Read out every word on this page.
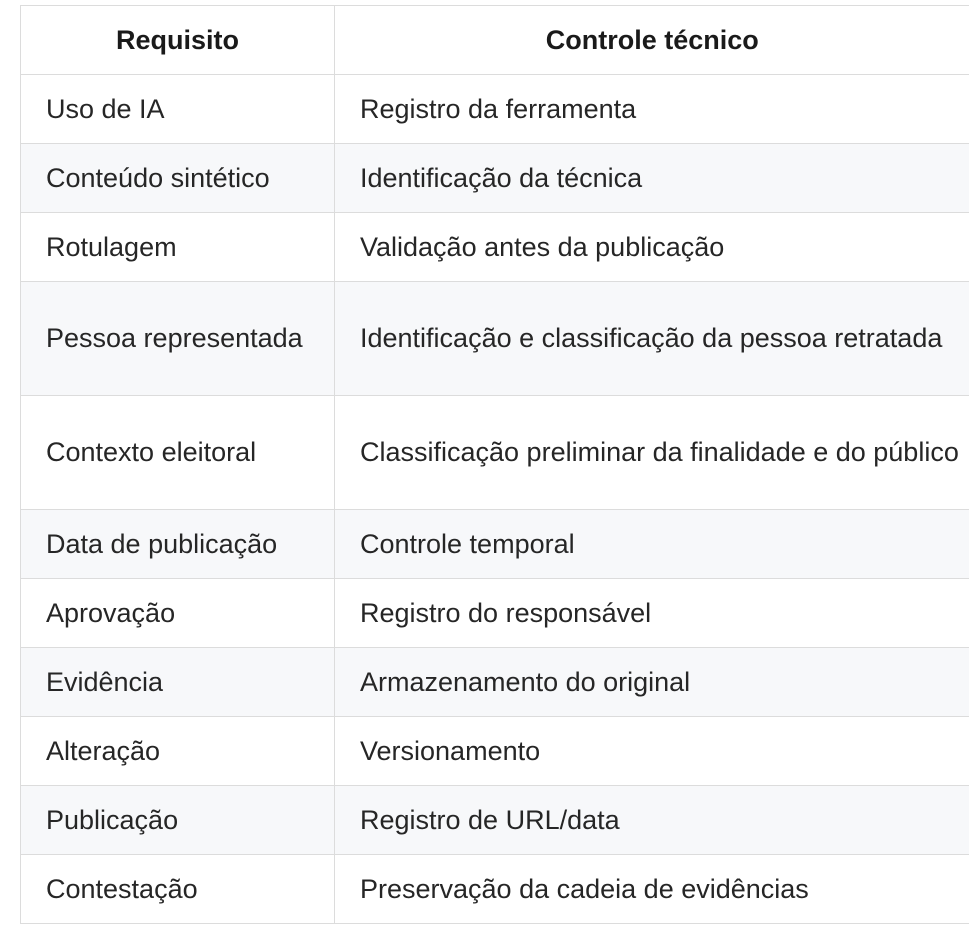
Requisito	Controle técnico
Uso de IA	Registro da ferramenta
Conteúdo sintético	Identificação da técnica
Rotulagem	Validação antes da publicação
Pessoa representada	Identificação e classificação da pessoa retratada
Contexto eleitoral	Classificação preliminar da finalidade e do público
Data de publicação	Controle temporal
Aprovação	Registro do responsável
Evidência	Armazenamento do original
Alteração	Versionamento
Publicação	Registro de URL/data
Contestação	Preservação da cadeia de evidências
